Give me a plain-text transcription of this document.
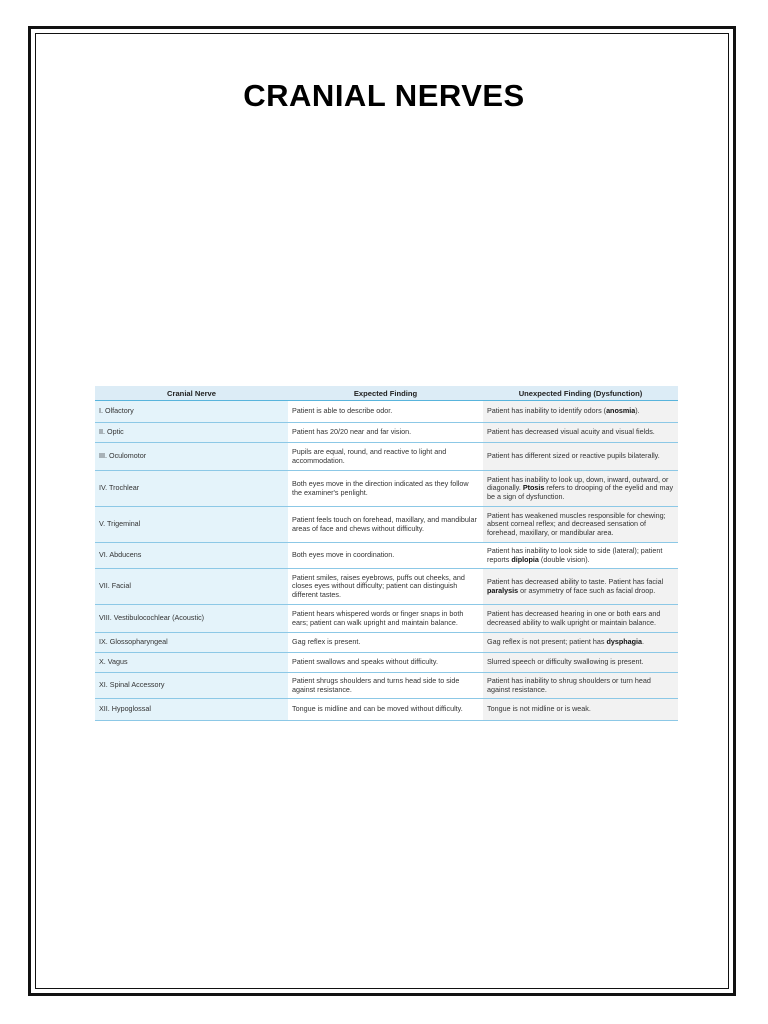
CRANIAL NERVES
Cranial Nerve	Expected Finding	Unexpected Finding (Dysfunction)
I. Olfactory	Patient is able to describe odor.	Patient has inability to identify odors (anosmia).
II. Optic	Patient has 20/20 near and far vision.	Patient has decreased visual acuity and visual fields.
III. Oculomotor	Pupils are equal, round, and reactive to light and accommodation.	Patient has different sized or reactive pupils bilaterally.
IV. Trochlear	Both eyes move in the direction indicated as they follow the examiner's penlight.	Patient has inability to look up, down, inward, outward, or diagonally. Ptosis refers to drooping of the eyelid and may be a sign of dysfunction.
V. Trigeminal	Patient feels touch on forehead, maxillary, and mandibular areas of face and chews without difficulty.	Patient has weakened muscles responsible for chewing; absent corneal reflex; and decreased sensation of forehead, maxillary, or mandibular area.
VI. Abducens	Both eyes move in coordination.	Patient has inability to look side to side (lateral); patient reports diplopia (double vision).
VII. Facial	Patient smiles, raises eyebrows, puffs out cheeks, and closes eyes without difficulty; patient can distinguish different tastes.	Patient has decreased ability to taste. Patient has facial paralysis or asymmetry of face such as facial droop.
VIII. Vestibulocochlear (Acoustic)	Patient hears whispered words or finger snaps in both ears; patient can walk upright and maintain balance.	Patient has decreased hearing in one or both ears and decreased ability to walk upright or maintain balance.
IX. Glossopharyngeal	Gag reflex is present.	Gag reflex is not present; patient has dysphagia.
X. Vagus	Patient swallows and speaks without difficulty.	Slurred speech or difficulty swallowing is present.
XI. Spinal Accessory	Patient shrugs shoulders and turns head side to side against resistance.	Patient has inability to shrug shoulders or turn head against resistance.
XII. Hypoglossal	Tongue is midline and can be moved without difficulty.	Tongue is not midline or is weak.
